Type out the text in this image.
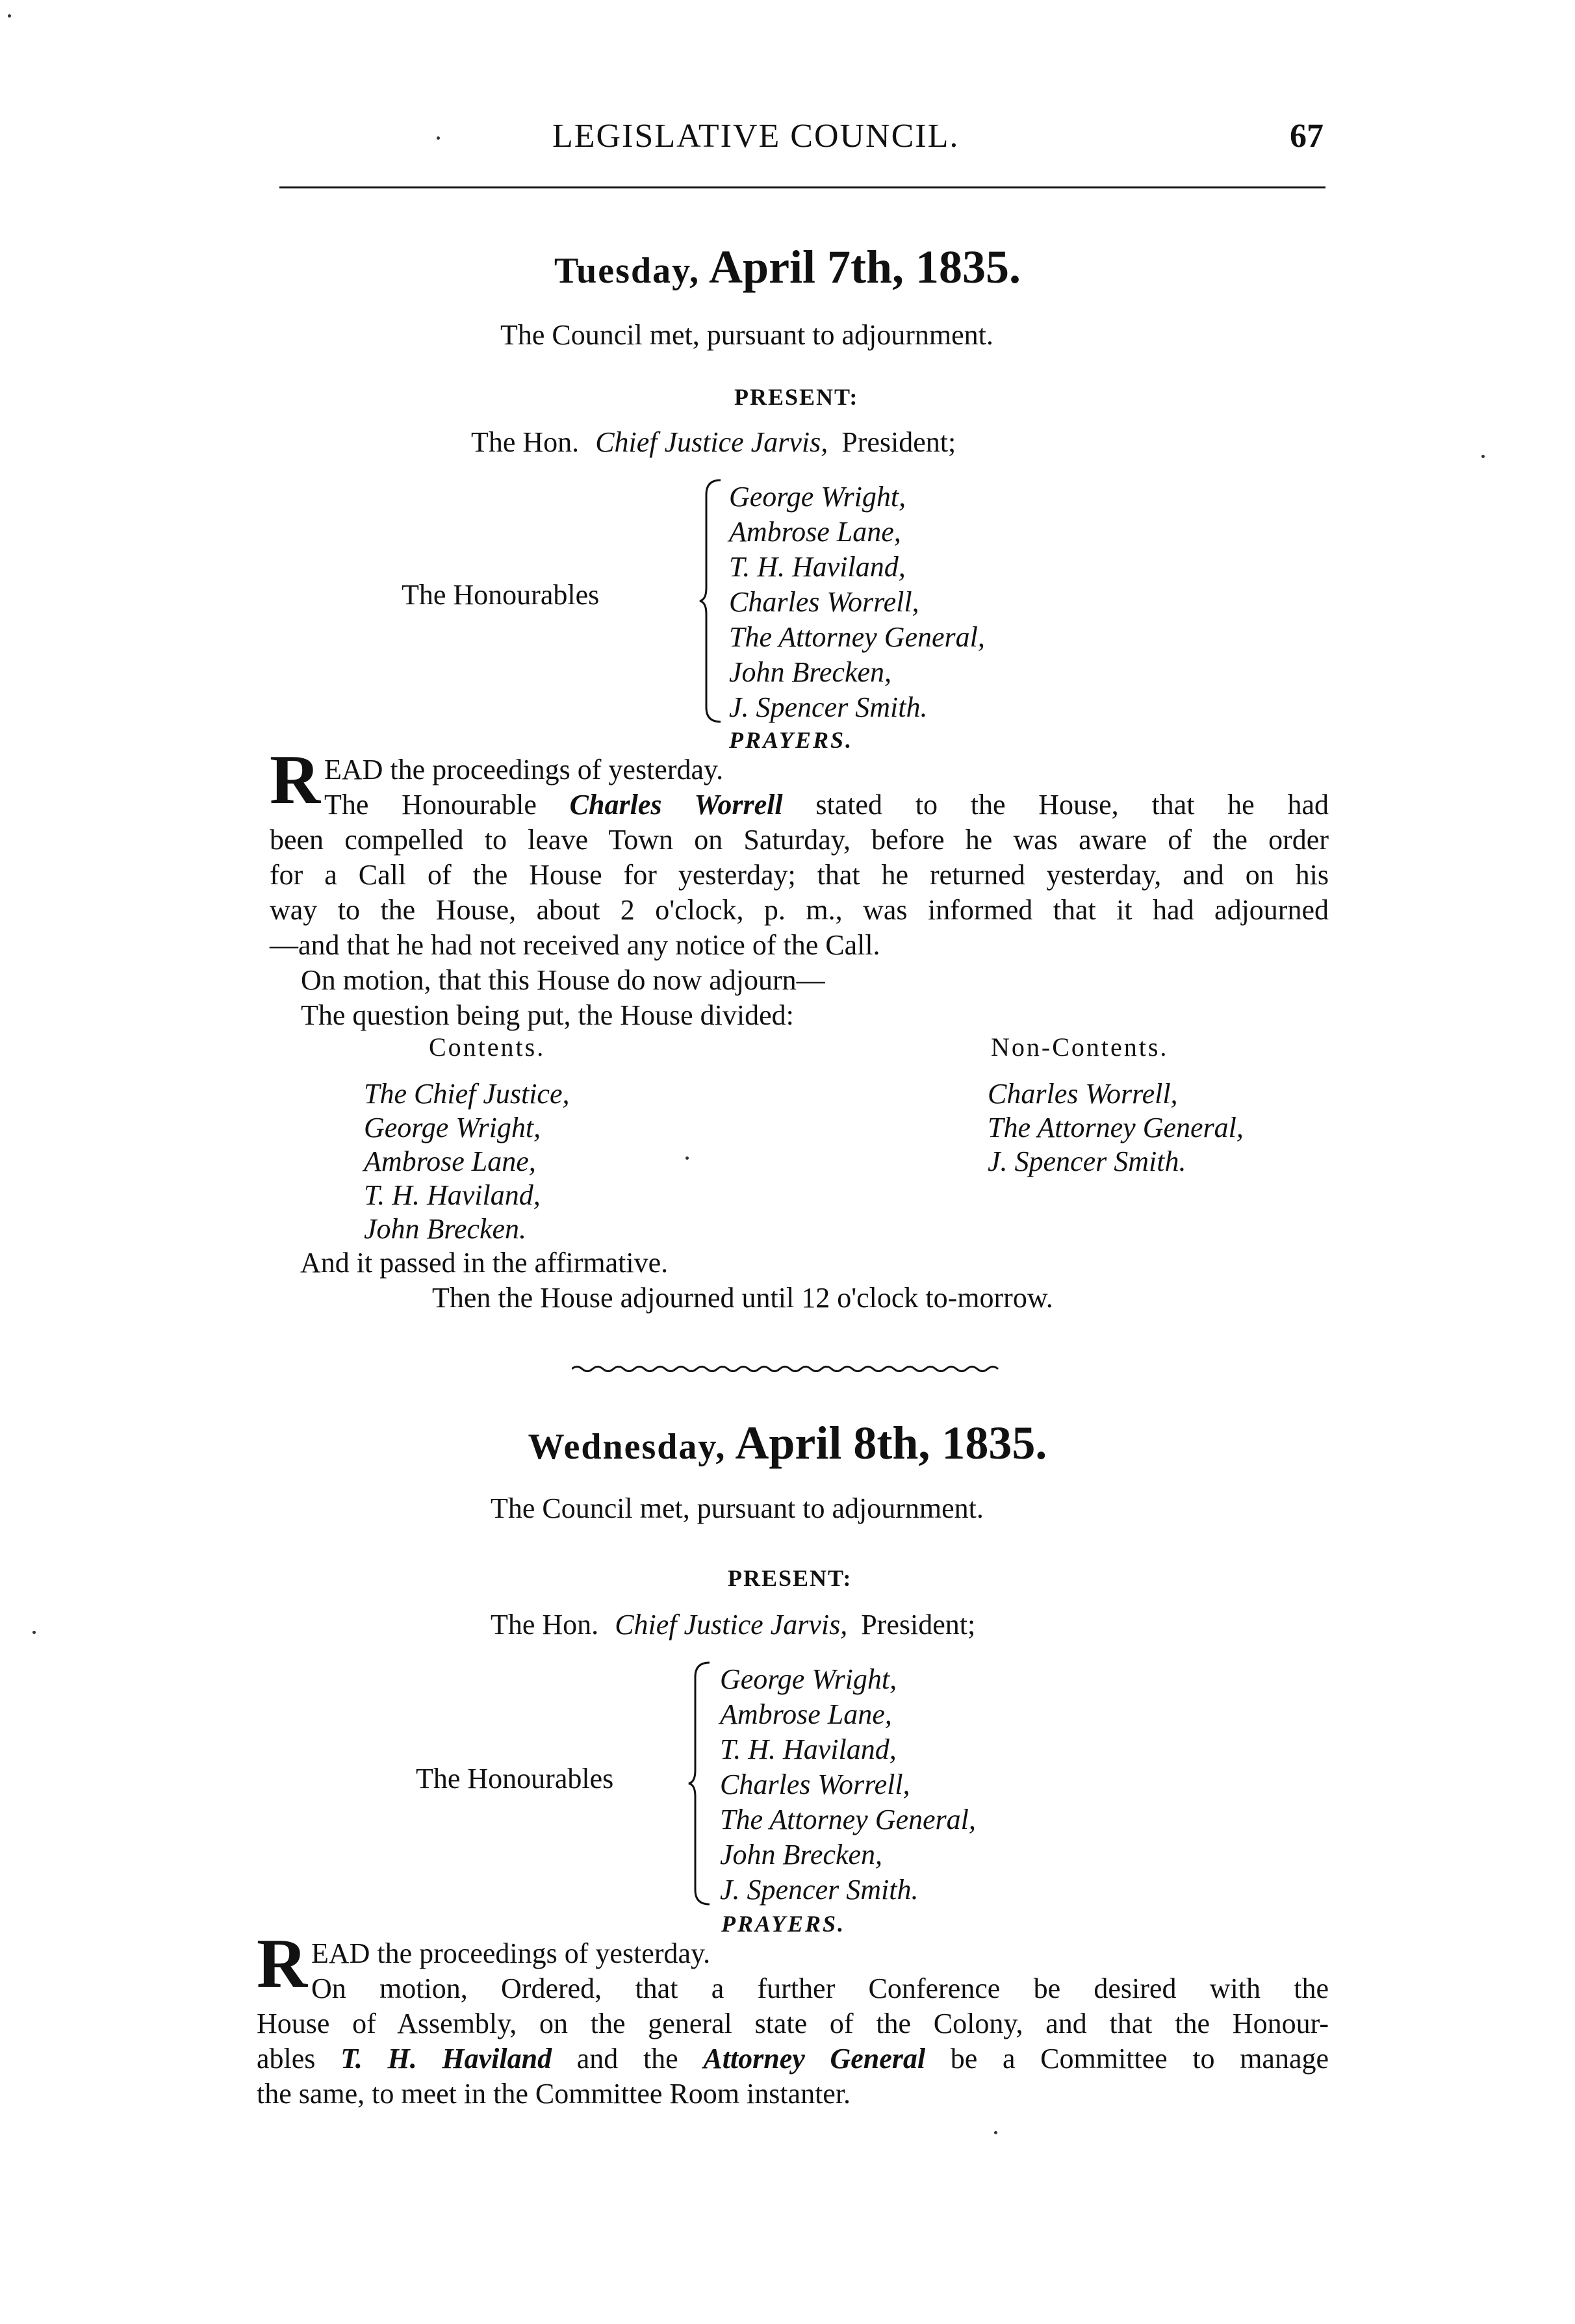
LEGISLATIVE COUNCIL.	67
Tuesday, April 7th, 1835.
The Council met, pursuant to adjournment.
PRESENT:
The Hon. Chief Justice Jarvis, President;
The Honourables
George Wright,
Ambrose Lane,
T. H. Haviland,
Charles Worrell,
The Attorney General,
John Brecken,
J. Spencer Smith.
PRAYERS.
R EAD the proceedings of yesterday.
The Honourable Charles Worrell stated to the House, that he had
been compelled to leave Town on Saturday, before he was aware of the order
for a Call of the House for yesterday; that he returned yesterday, and on his
way to the House, about 2 o'clock, p. m., was informed that it had adjourned
—and that he had not received any notice of the Call.
On motion, that this House do now adjourn—
The question being put, the House divided:
Contents.
The Chief Justice,
George Wright,
Ambrose Lane,
T. H. Haviland,
John Brecken.
Non-Contents.
Charles Worrell,
The Attorney General,
J. Spencer Smith.
And it passed in the affirmative.
Then the House adjourned until 12 o'clock to-morrow.
Wednesday, April 8th, 1835.
The Council met, pursuant to adjournment.
PRESENT:
The Hon. Chief Justice Jarvis, President;
The Honourables
George Wright,
Ambrose Lane,
T. H. Haviland,
Charles Worrell,
The Attorney General,
John Brecken,
J. Spencer Smith.
PRAYERS.
R EAD the proceedings of yesterday.
On motion, Ordered, that a further Conference be desired with the
House of Assembly, on the general state of the Colony, and that the Honour-
ables T. H. Haviland and the Attorney General be a Committee to manage
the same, to meet in the Committee Room instanter.
